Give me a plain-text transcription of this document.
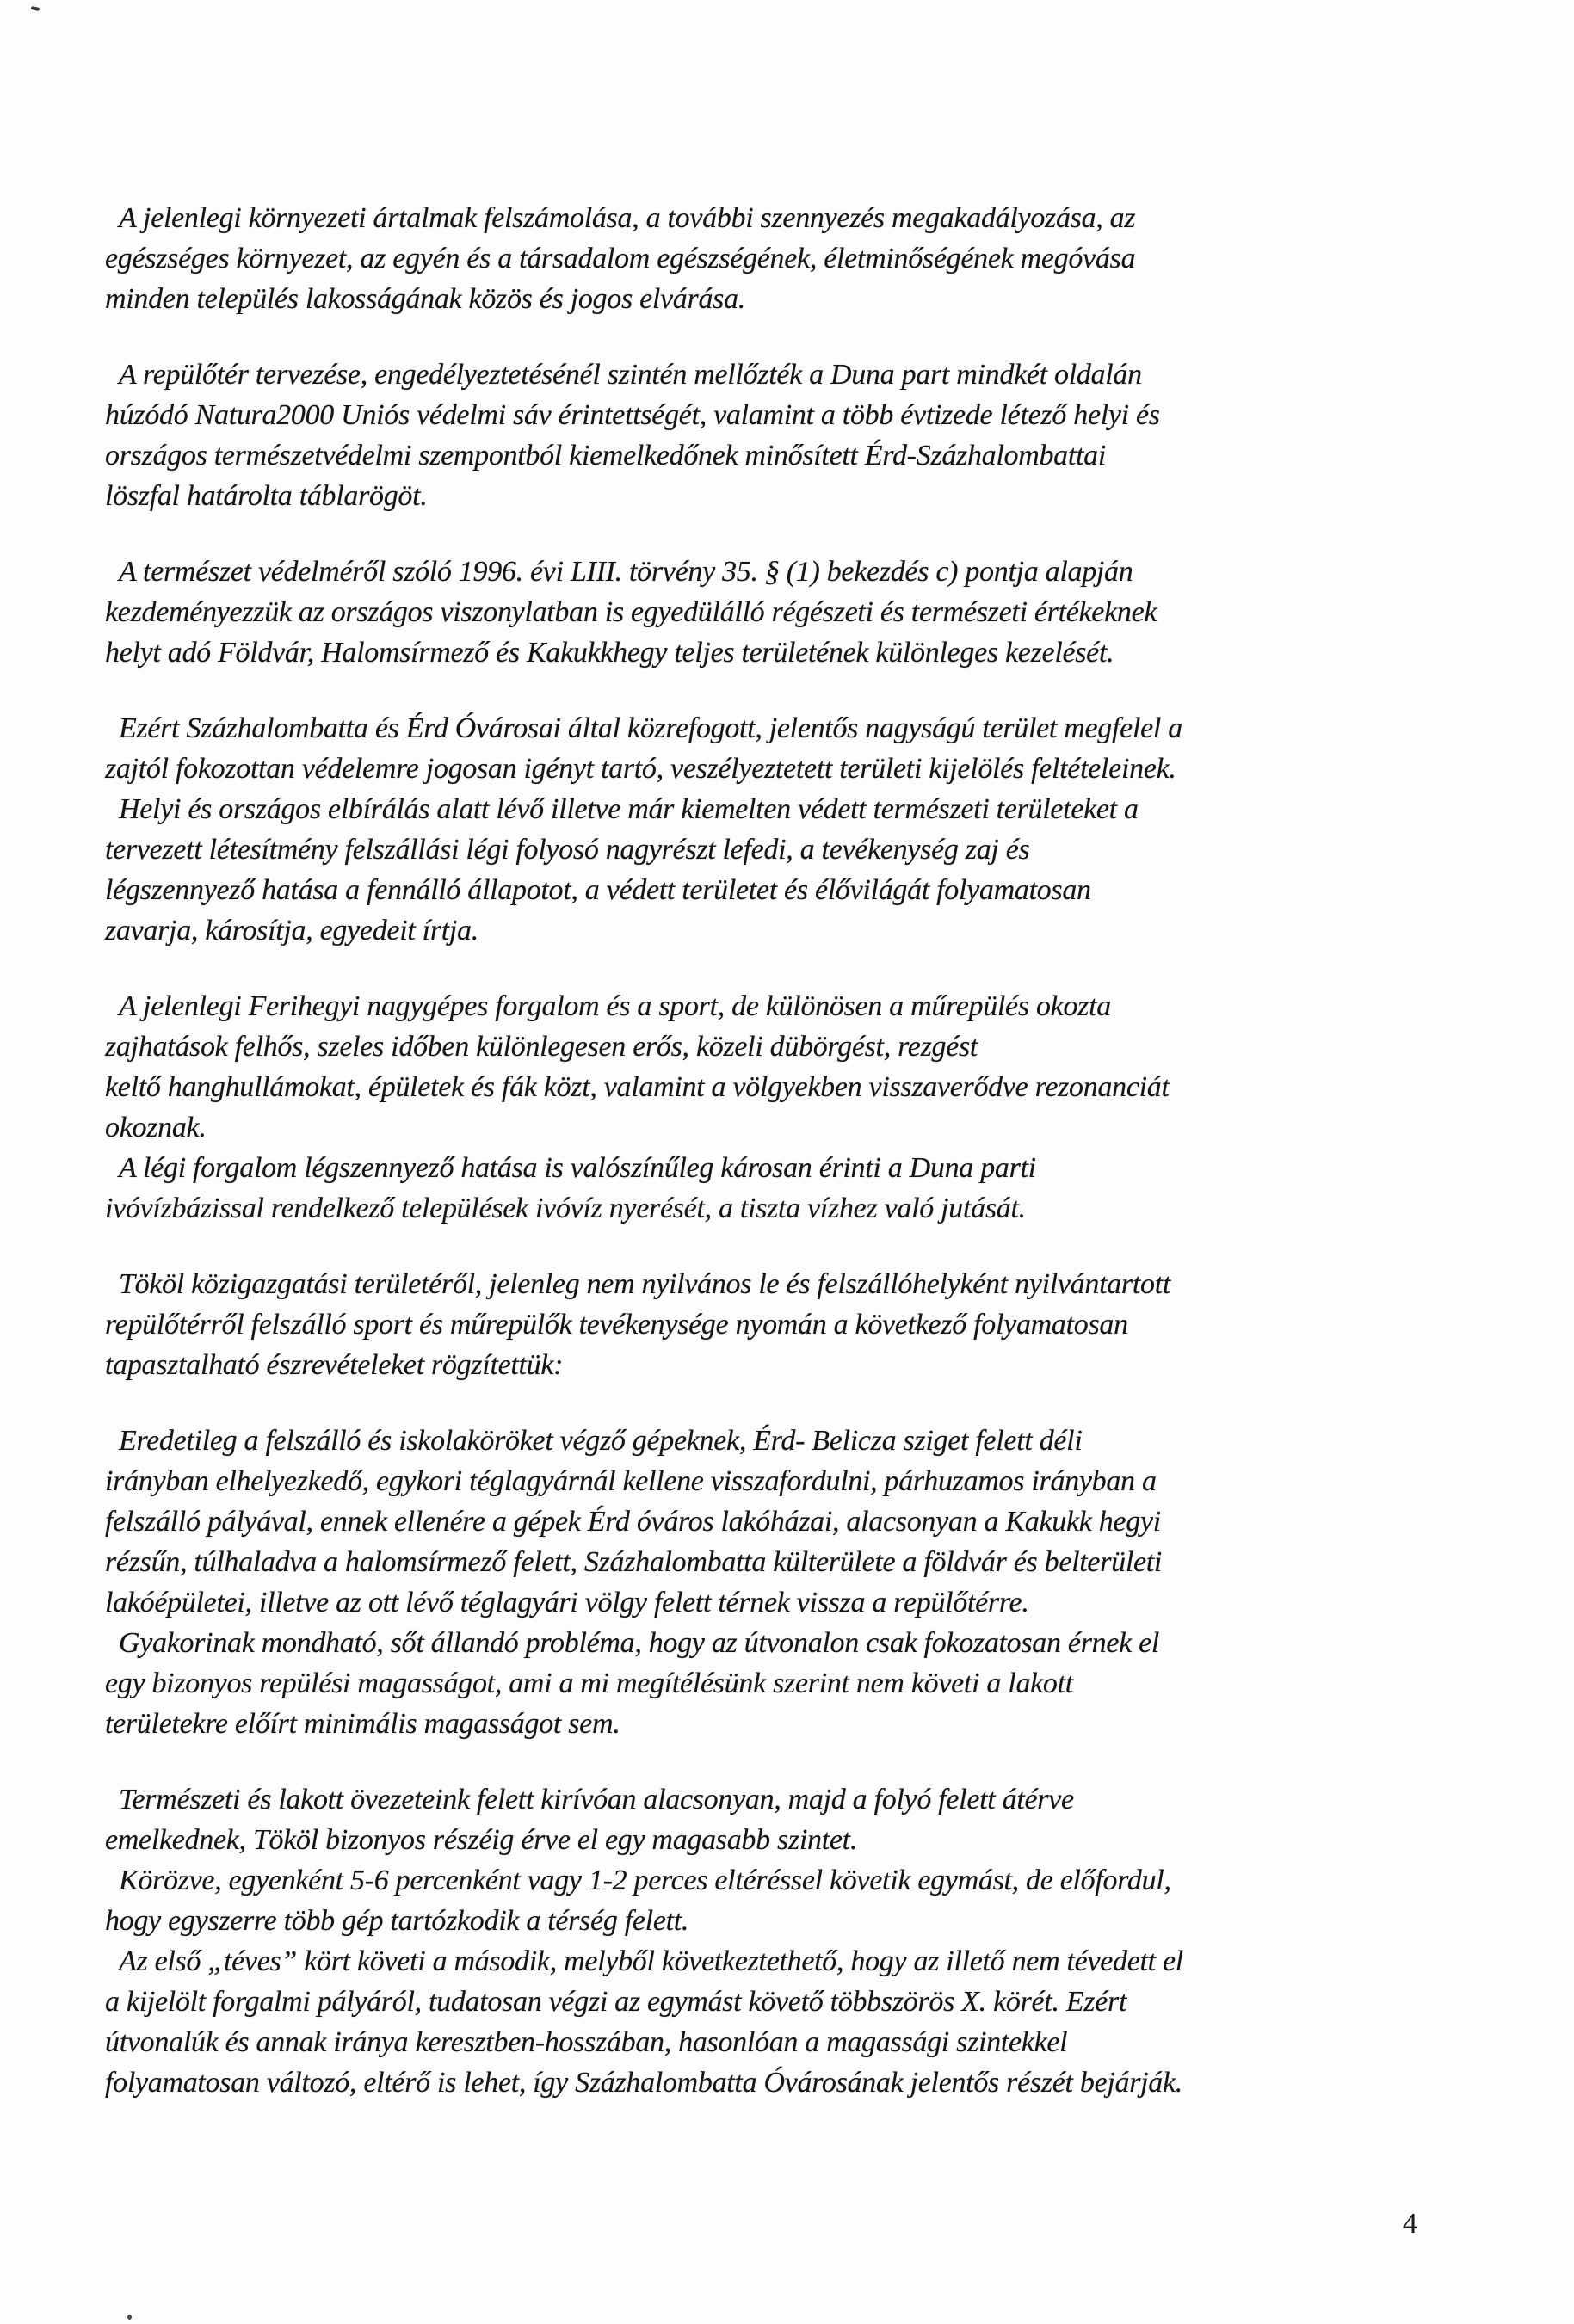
A jelenlegi környezeti ártalmak felszámolása, a további szennyezés megakadályozása, az
egészséges környezet, az egyén és a társadalom egészségének, életminőségének megóvása
minden település lakosságának közös és jogos elvárása.
A repülőtér tervezése, engedélyeztetésénél szintén mellőzték a Duna part mindkét oldalán
húzódó Natura2000 Uniós védelmi sáv érintettségét, valamint a több évtizede létező helyi és
országos természetvédelmi szempontból kiemelkedőnek minősített Érd-Százhalombattai
löszfal határolta táblarögöt.
A természet védelméről szóló 1996. évi LIII. törvény 35. § (1) bekezdés c) pontja alapján
kezdeményezzük az országos viszonylatban is egyedülálló régészeti és természeti értékeknek
helyt adó Földvár, Halomsírmező és Kakukkhegy teljes területének különleges kezelését.
Ezért Százhalombatta és Érd Óvárosai által közrefogott, jelentős nagyságú terület megfelel a
zajtól fokozottan védelemre jogosan igényt tartó, veszélyeztetett területi kijelölés feltételeinek.
Helyi és országos elbírálás alatt lévő illetve már kiemelten védett természeti területeket a
tervezett létesítmény felszállási légi folyosó nagyrészt lefedi, a tevékenység zaj és
légszennyező hatása a fennálló állapotot, a védett területet és élővilágát folyamatosan
zavarja, károsítja, egyedeit írtja.
A jelenlegi Ferihegyi nagygépes forgalom és a sport, de különösen a műrepülés okozta
zajhatások felhős, szeles időben különlegesen erős, közeli dübörgést, rezgést
keltő hanghullámokat, épületek és fák közt, valamint a völgyekben visszaverődve rezonanciát
okoznak.
A légi forgalom légszennyező hatása is valószínűleg károsan érinti a Duna parti
ivóvízbázissal rendelkező települések ivóvíz nyerését, a tiszta vízhez való jutását.
Tököl közigazgatási területéről, jelenleg nem nyilvános le és felszállóhelyként nyilvántartott
repülőtérről felszálló sport és műrepülők tevékenysége nyomán a következő folyamatosan
tapasztalható észrevételeket rögzítettük:
Eredetileg a felszálló és iskolaköröket végző gépeknek, Érd- Belicza sziget felett déli
irányban elhelyezkedő, egykori téglagyárnál kellene visszafordulni, párhuzamos irányban a
felszálló pályával, ennek ellenére a gépek Érd óváros lakóházai, alacsonyan a Kakukk hegyi
rézsűn, túlhaladva a halomsírmező felett, Százhalombatta külterülete a földvár és belterületi
lakóépületei, illetve az ott lévő téglagyári völgy felett térnek vissza a repülőtérre.
Gyakorinak mondható, sőt állandó probléma, hogy az útvonalon csak fokozatosan érnek el
egy bizonyos repülési magasságot, ami a mi megítélésünk szerint nem követi a lakott
területekre előírt minimális magasságot sem.
Természeti és lakott övezeteink felett kirívóan alacsonyan, majd a folyó felett átérve
emelkednek, Tököl bizonyos részéig érve el egy magasabb szintet.
Körözve, egyenként 5-6 percenként vagy 1-2 perces eltéréssel követik egymást, de előfordul,
hogy egyszerre több gép tartózkodik a térség felett.
Az első „téves” kört követi a második, melyből következtethető, hogy az illető nem tévedett el
a kijelölt forgalmi pályáról, tudatosan végzi az egymást követő többszörös X. körét. Ezért
útvonalúk és annak iránya keresztben-hosszában, hasonlóan a magassági szintekkel
folyamatosan változó, eltérő is lehet, így Százhalombatta Óvárosának jelentős részét bejárják.
4
